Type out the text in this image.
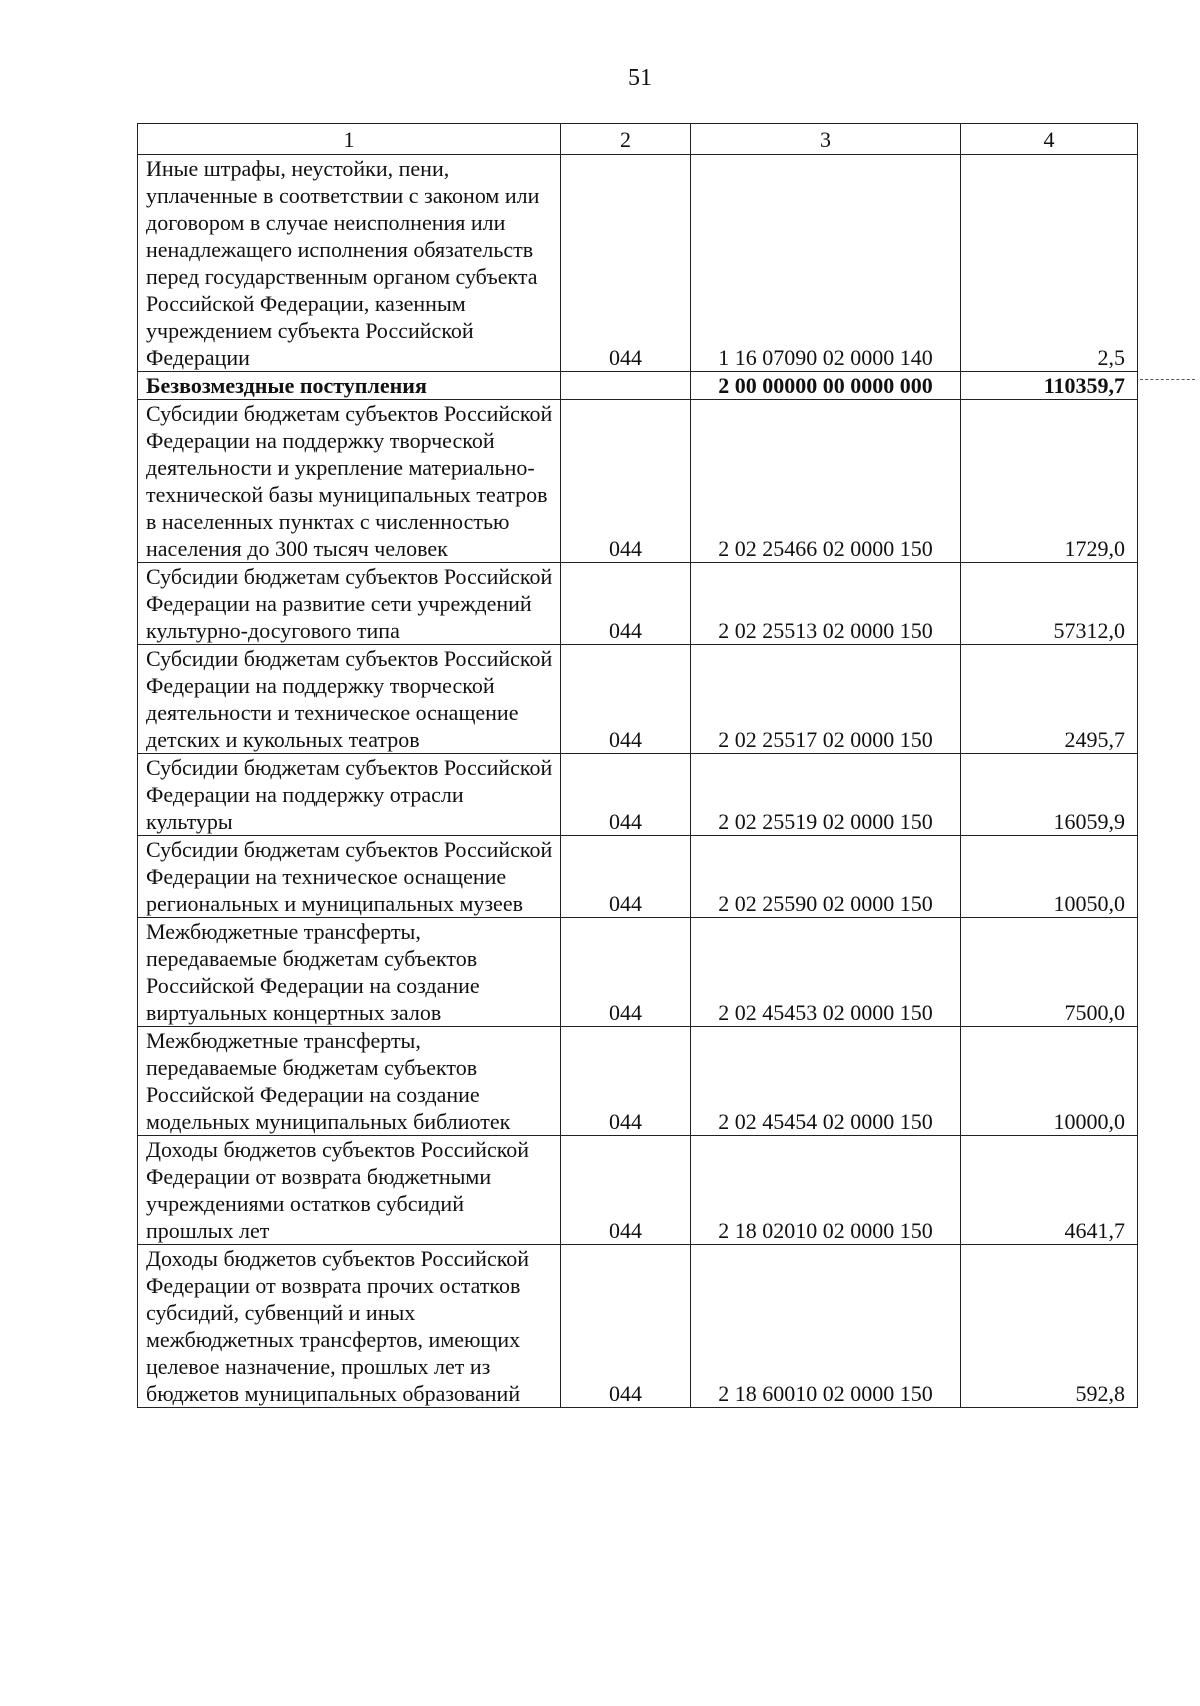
51
1	2	3	4
Иные штрафы, неустойки, пени, уплаченные в соответствии с законом или договором в случае неисполнения или ненадлежащего исполнения обязательств перед государственным органом субъекта Российской Федерации, казенным учреждением субъекта Российской Федерации	044	1 16 07090 02 0000 140	2,5
Безвозмездные поступления		2 00 00000 00 0000 000	110359,7
Субсидии бюджетам субъектов Российской Федерации на поддержку творческой деятельности и укрепление материально-технической базы муниципальных театров в населенных пунктах с численностью населения до 300 тысяч человек	044	2 02 25466 02 0000 150	1729,0
Субсидии бюджетам субъектов Российской Федерации на развитие сети учреждений культурно-досугового типа	044	2 02 25513 02 0000 150	57312,0
Субсидии бюджетам субъектов Российской Федерации на поддержку творческой деятельности и техническое оснащение детских и кукольных театров	044	2 02 25517 02 0000 150	2495,7
Субсидии бюджетам субъектов Российской Федерации на поддержку отрасли культуры	044	2 02 25519 02 0000 150	16059,9
Субсидии бюджетам субъектов Российской Федерации на техническое оснащение региональных и муниципальных музеев	044	2 02 25590 02 0000 150	10050,0
Межбюджетные трансферты, передаваемые бюджетам субъектов Российской Федерации на создание виртуальных концертных залов	044	2 02 45453 02 0000 150	7500,0
Межбюджетные трансферты, передаваемые бюджетам субъектов Российской Федерации на создание модельных муниципальных библиотек	044	2 02 45454 02 0000 150	10000,0
Доходы бюджетов субъектов Российской Федерации от возврата бюджетными учреждениями остатков субсидий прошлых лет	044	2 18 02010 02 0000 150	4641,7
Доходы бюджетов субъектов Российской Федерации от возврата прочих остатков субсидий, субвенций и иных межбюджетных трансфертов, имеющих целевое назначение, прошлых лет из бюджетов муниципальных образований	044	2 18 60010 02 0000 150	592,8
